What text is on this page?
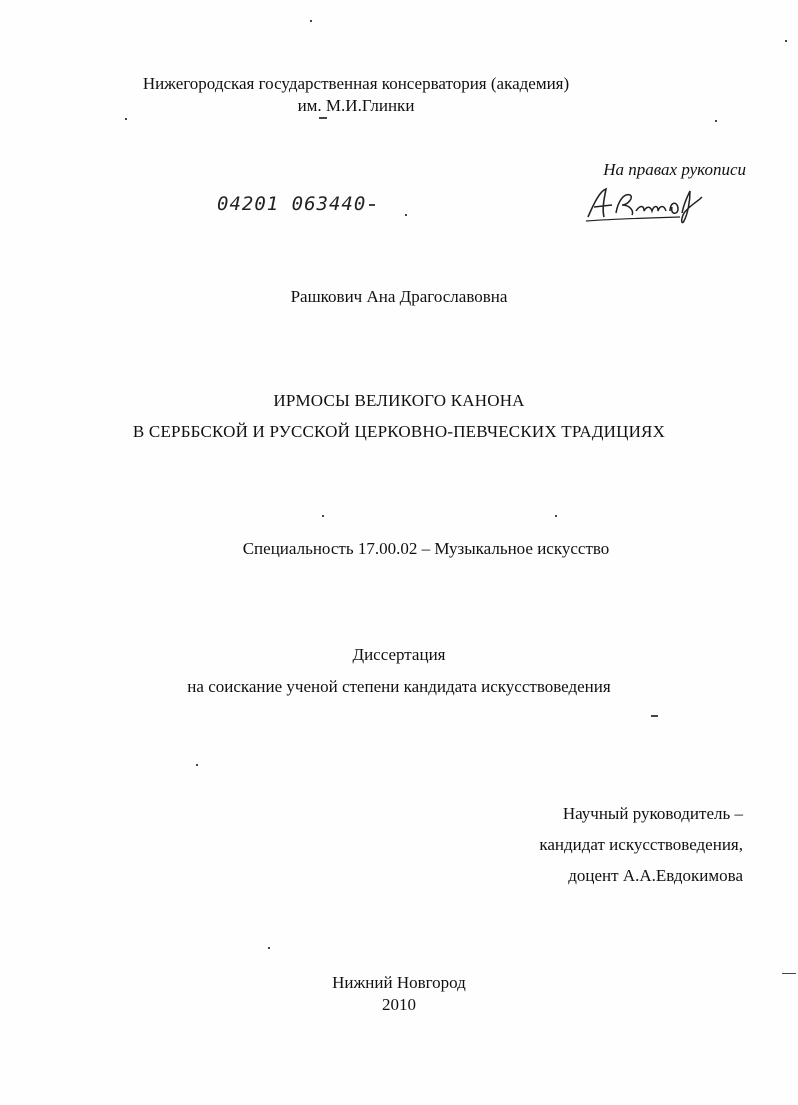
Нижегородская государственная консерватория (академия)
им. М.И.Глинки
На правах рукописи
04201 063440
Рашкович Ана Драгославовна
ИРМОСЫ ВЕЛИКОГО КАНОНА
В СЕРББСКОЙ И РУССКОЙ ЦЕРКОВНО-ПЕВЧЕСКИХ ТРАДИЦИЯХ
Специальность 17.00.02 – Музыкальное искусство
Диссертация
на соискание ученой степени кандидата искусствоведения
Научный руководитель –
кандидат искусствоведения,
доцент А.А.Евдокимова
Нижний Новгород
2010
